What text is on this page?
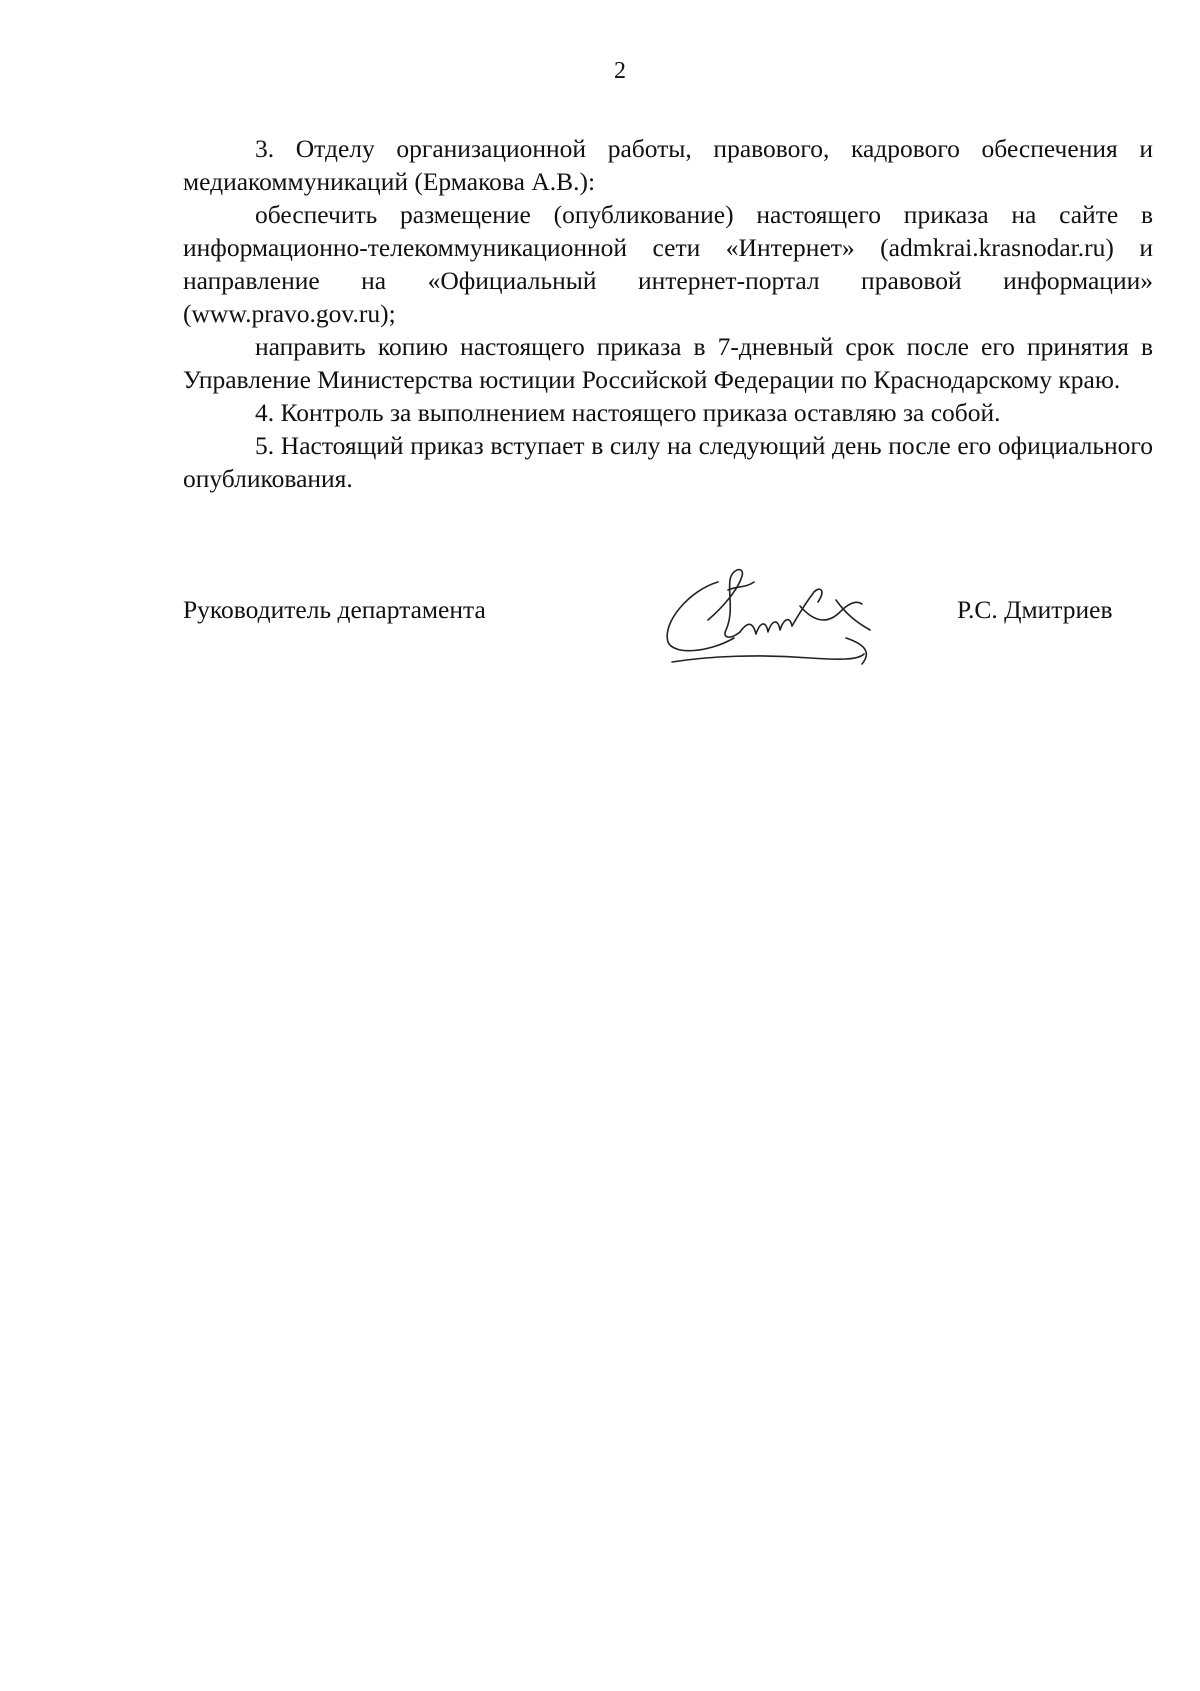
2

3. Отделу организационной работы, правового, кадрового обеспечения и медиакоммуникаций (Ермакова А.В.):

обеспечить размещение (опубликование) настоящего приказа на сайте в информационно-телекоммуникационной сети «Интернет» (admkrai.krasnodar.ru) и направление на «Официальный интернет-портал правовой информации» (www.pravo.gov.ru);

направить копию настоящего приказа в 7-дневный срок после его принятия в Управление Министерства юстиции Российской Федерации по Краснодарскому краю.

4. Контроль за выполнением настоящего приказа оставляю за собой.

5. Настоящий приказ вступает в силу на следующий день после его официального опубликования.

Руководитель департамента	Р.С. Дмитриев
